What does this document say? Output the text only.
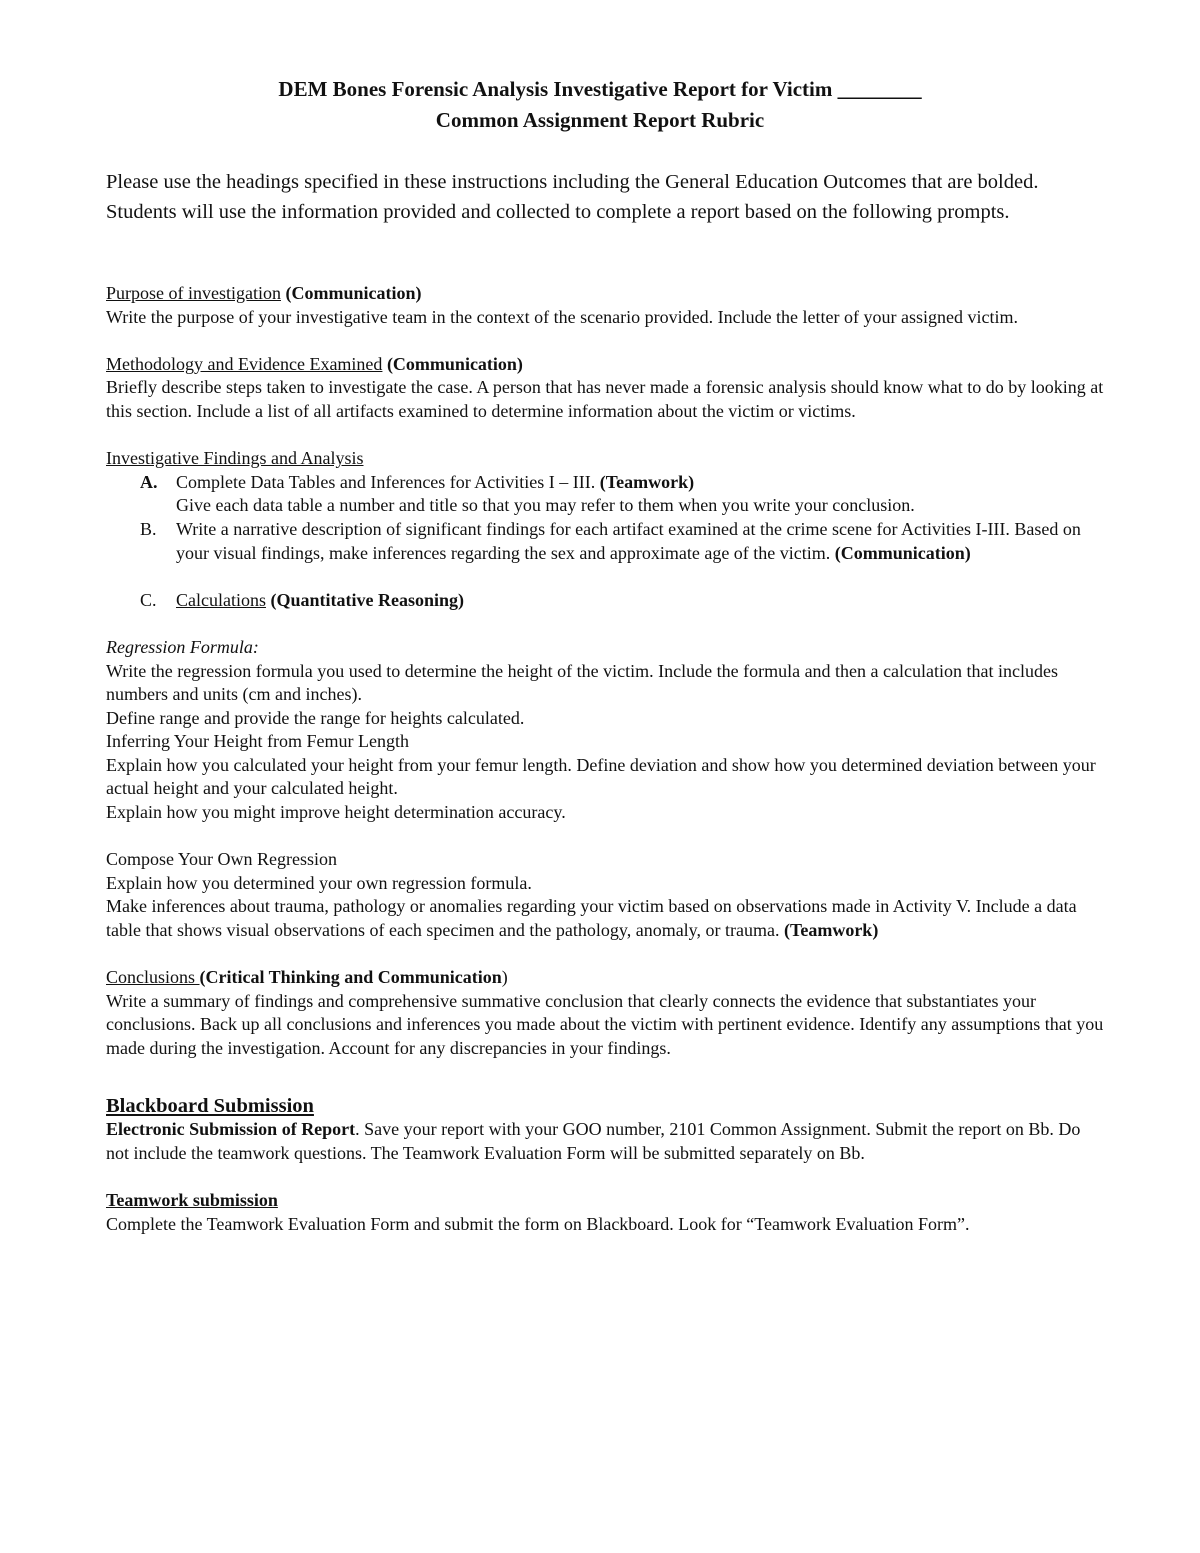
DEM Bones Forensic Analysis Investigative Report for Victim ________
Common Assignment Report Rubric
Please use the headings specified in these instructions including the General Education Outcomes that are bolded. Students will use the information provided and collected to complete a report based on the following prompts.
Purpose of investigation (Communication)
Write the purpose of your investigative team in the context of the scenario provided. Include the letter of your assigned victim.
Methodology and Evidence Examined (Communication)
Briefly describe steps taken to investigate the case. A person that has never made a forensic analysis should know what to do by looking at this section. Include a list of all artifacts examined to determine information about the victim or victims.
Investigative Findings and Analysis
A.	Complete Data Tables and Inferences for Activities I – III. (Teamwork)
Give each data table a number and title so that you may refer to them when you write your conclusion.
B.	Write a narrative description of significant findings for each artifact examined at the crime scene for Activities I-III. Based on your visual findings, make inferences regarding the sex and approximate age of the victim. (Communication)
C.	Calculations (Quantitative Reasoning)
Regression Formula:
Write the regression formula you used to determine the height of the victim. Include the formula and then a calculation that includes numbers and units (cm and inches).
Define range and provide the range for heights calculated.
Inferring Your Height from Femur Length
Explain how you calculated your height from your femur length. Define deviation and show how you determined deviation between your actual height and your calculated height.
Explain how you might improve height determination accuracy.
Compose Your Own Regression
Explain how you determined your own regression formula.
Make inferences about trauma, pathology or anomalies regarding your victim based on observations made in Activity V. Include a data table that shows visual observations of each specimen and the pathology, anomaly, or trauma. (Teamwork)
Conclusions (Critical Thinking and Communication)
Write a summary of findings and comprehensive summative conclusion that clearly connects the evidence that substantiates your conclusions. Back up all conclusions and inferences you made about the victim with pertinent evidence. Identify any assumptions that you made during the investigation. Account for any discrepancies in your findings.
Blackboard Submission
Electronic Submission of Report. Save your report with your GOO number, 2101 Common Assignment. Submit the report on Bb. Do not include the teamwork questions. The Teamwork Evaluation Form will be submitted separately on Bb.
Teamwork submission
Complete the Teamwork Evaluation Form and submit the form on Blackboard. Look for “Teamwork Evaluation Form”.
